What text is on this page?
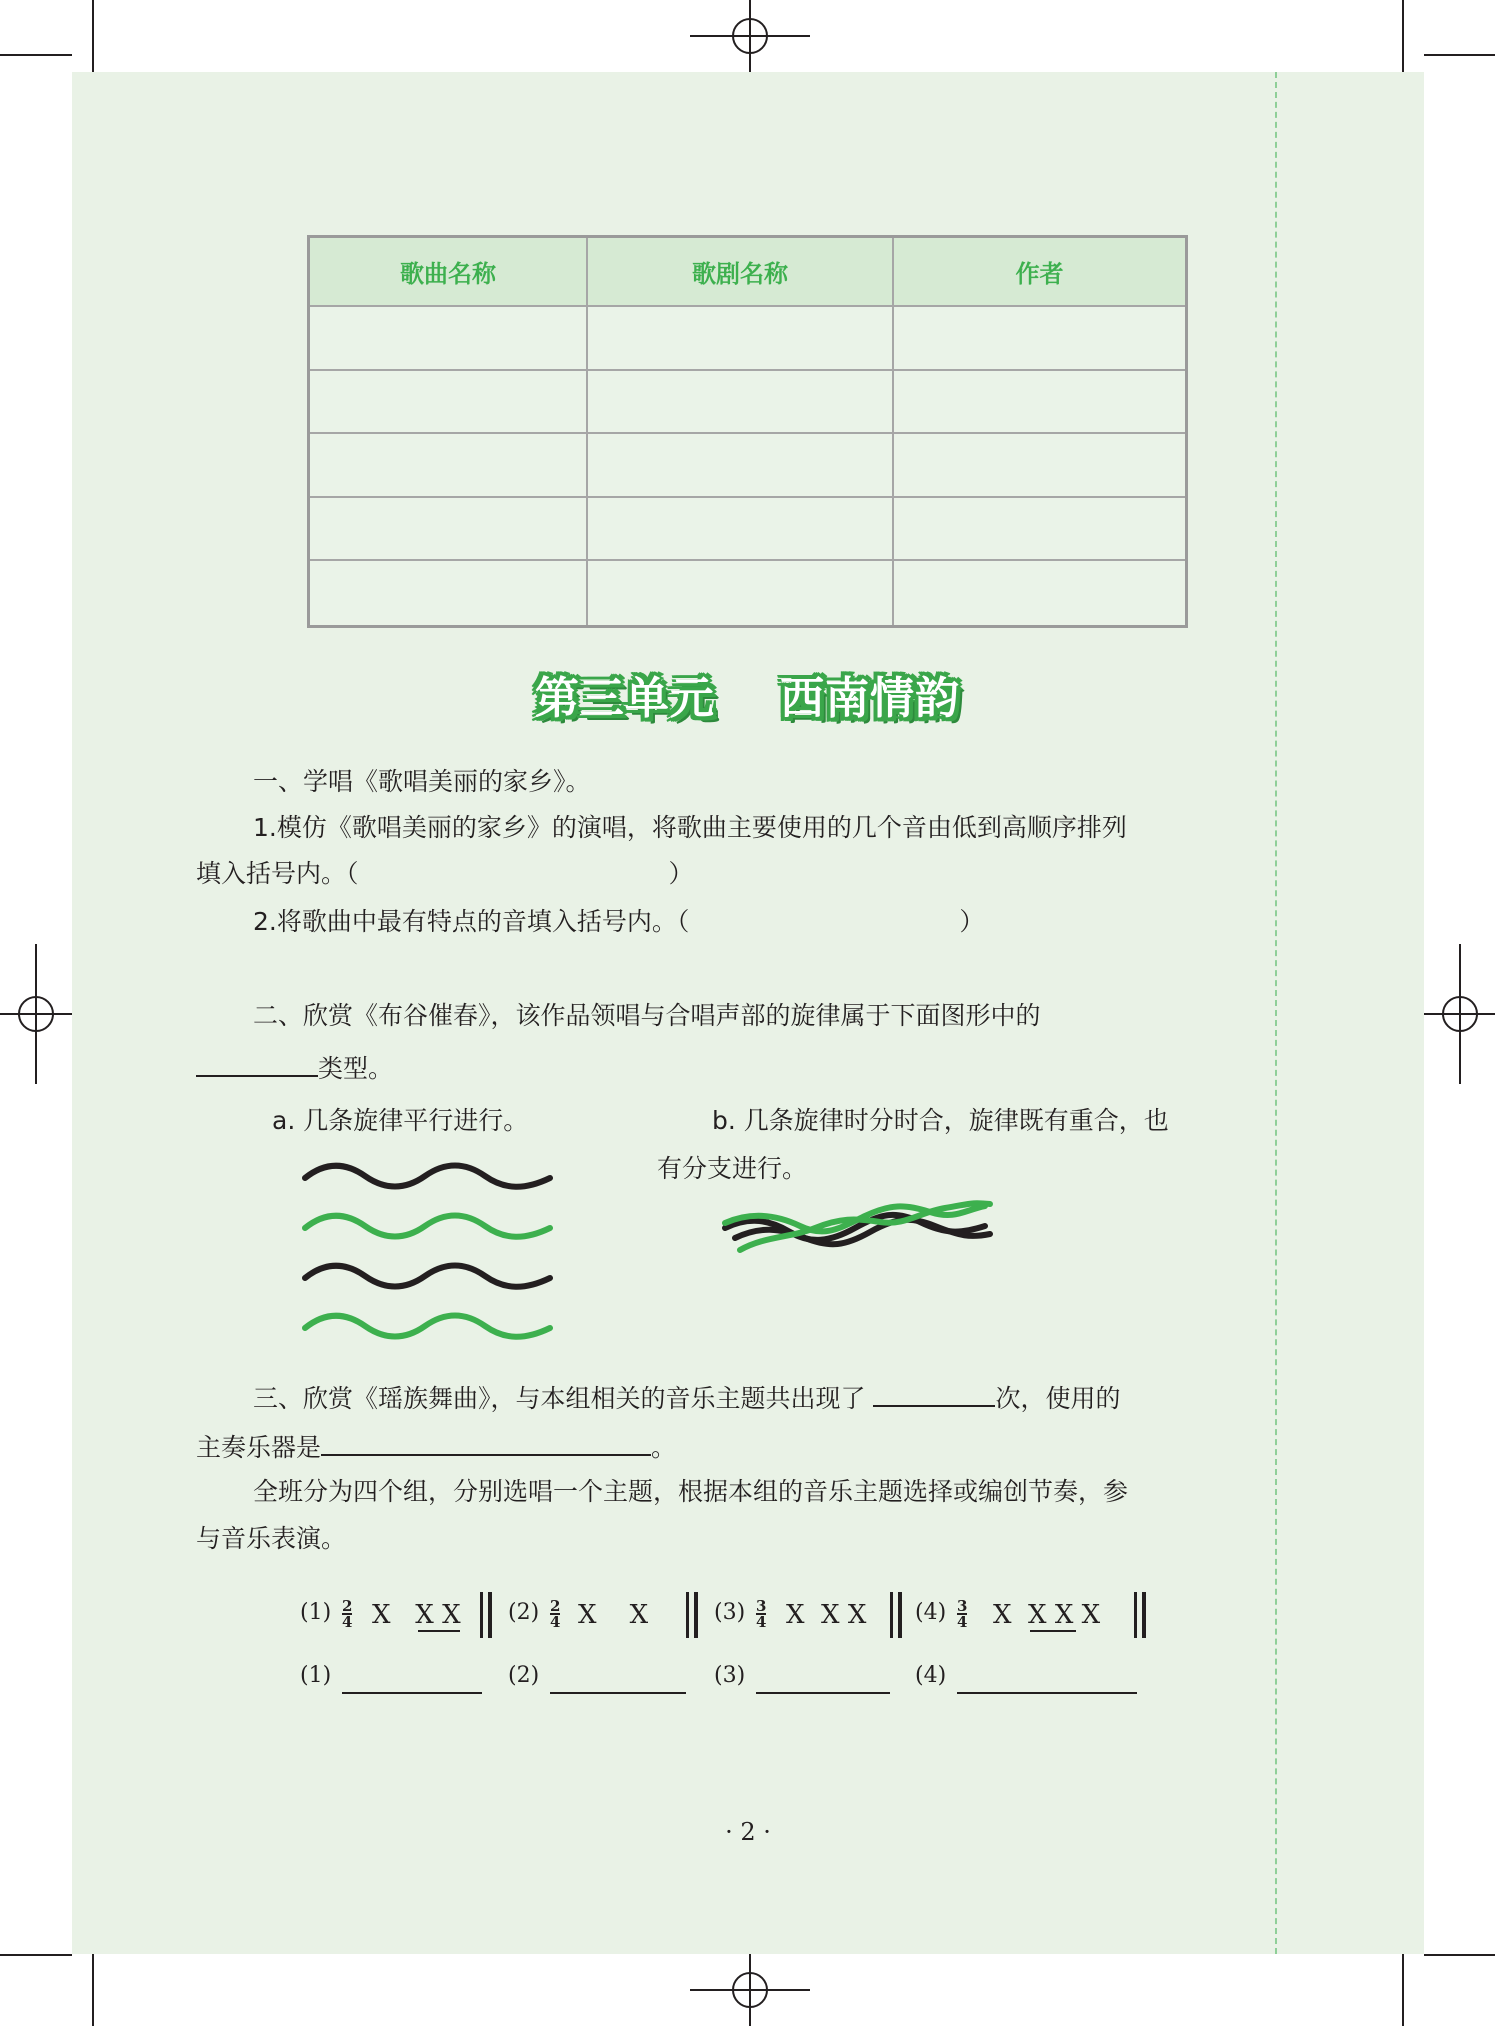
歌曲名称	歌剧名称	作者
第三单元    西南情韵
一、学唱《歌唱美丽的家乡》。
1.模仿《歌唱美丽的家乡》的演唱，将歌曲主要使用的几个音由低到高顺序排列
填入括号内。（	）
2.将歌曲中最有特点的音填入括号内。（	）
二、欣赏《布谷催春》，该作品领唱与合唱声部的旋律属于下面图形中的
类型。
a. 几条旋律平行进行。	b. 几条旋律时分时合，旋律既有重合，也
有分支进行。
三、欣赏《瑶族舞曲》，与本组相关的音乐主题共出现了	次，使用的
主奏乐器是	。
全班分为四个组，分别选唱一个主题，根据本组的音乐主题选择或编创节奏，参
与音乐表演。
$(1) \frac{2}{4}$ X   X X $(2) \frac{2}{4}$ X    X	$(3) \frac{3}{4}$ X  X X $(4) \frac{3}{4}$ X  X X X
(1)	(2)	(3)	(4)
· 2 ·
